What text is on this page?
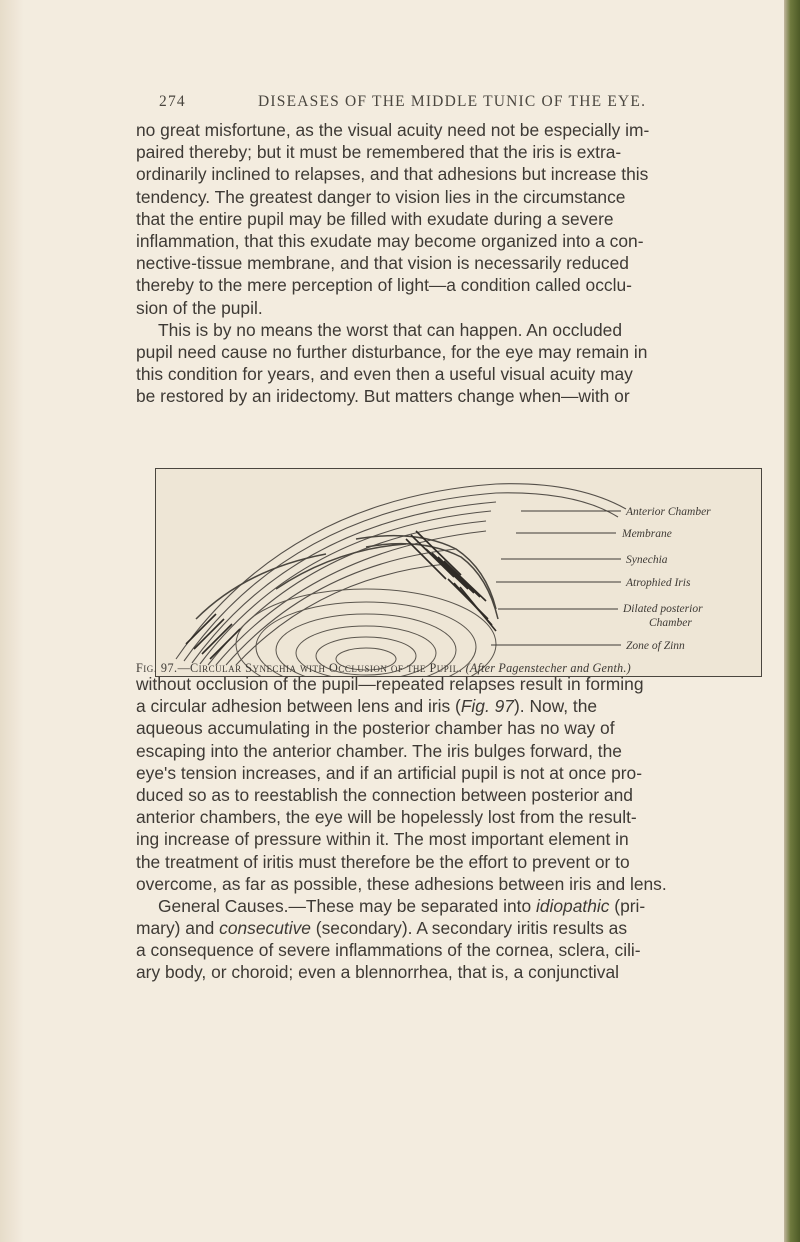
274	DISEASES OF THE MIDDLE TUNIC OF THE EYE.
no great misfortune, as the visual acuity need not be especially im-
paired thereby; but it must be remembered that the iris is extra-
ordinarily inclined to relapses, and that adhesions but increase this
tendency. The greatest danger to vision lies in the circumstance
that the entire pupil may be filled with exudate during a severe
inflammation, that this exudate may become organized into a con-
nective-tissue membrane, and that vision is necessarily reduced
thereby to the mere perception of light—a condition called occlu-
sion of the pupil.
This is by no means the worst that can happen. An occluded
pupil need cause no further disturbance, for the eye may remain in
this condition for years, and even then a useful visual acuity may
be restored by an iridectomy. But matters change when—with or
Anterior Chamber
Membrane
Synechia
Atrophied Iris
Dilated posterior
Chamber
Zone of Zinn
Fig. 97.—Circular Synechia with Occlusion of the Pupil. (After Pagenstecher and Genth.)
without occlusion of the pupil—repeated relapses result in forming
a circular adhesion between lens and iris (Fig. 97). Now, the
aqueous accumulating in the posterior chamber has no way of
escaping into the anterior chamber. The iris bulges forward, the
eye's tension increases, and if an artificial pupil is not at once pro-
duced so as to reestablish the connection between posterior and
anterior chambers, the eye will be hopelessly lost from the result-
ing increase of pressure within it. The most important element in
the treatment of iritis must therefore be the effort to prevent or to
overcome, as far as possible, these adhesions between iris and lens.
General Causes.—These may be separated into idiopathic (pri-
mary) and consecutive (secondary). A secondary iritis results as
a consequence of severe inflammations of the cornea, sclera, cili-
ary body, or choroid; even a blennorrhea, that is, a conjunctival
